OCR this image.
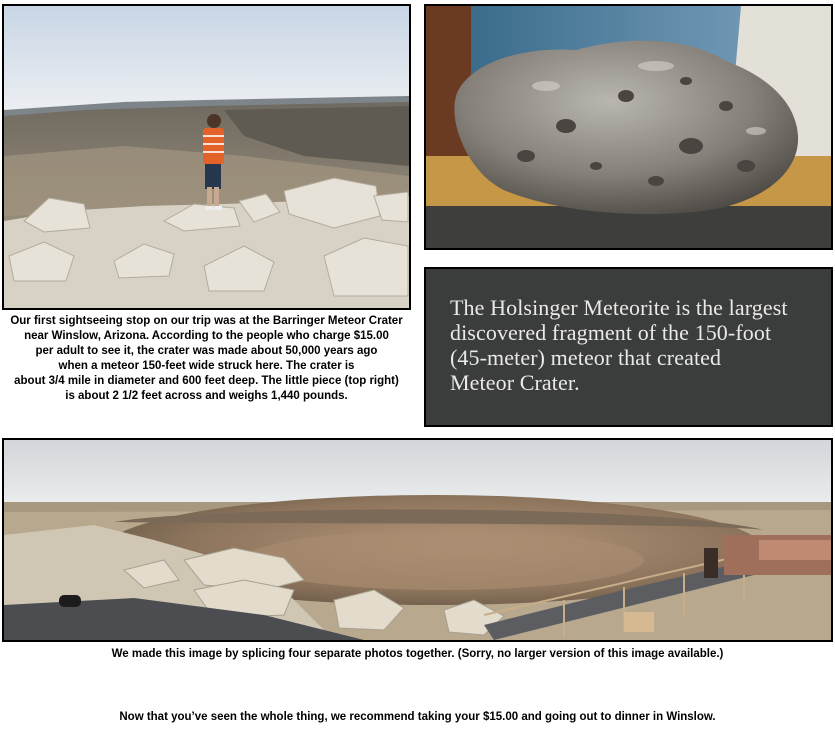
The Holsinger Meteorite is the largest
discovered fragment of the 150-foot
(45-meter) meteor that created
Meteor Crater.
Our first sightseeing stop on our trip was at the Barringer Meteor Crater
near Winslow, Arizona. According to the people who charge $15.00
per adult to see it, the crater was made about 50,000 years ago
when a meteor 150-feet wide struck here. The crater is
about 3/4 mile in diameter and 600 feet deep. The little piece (top right)
is about 2 1/2 feet across and weighs 1,440 pounds.
We made this image by splicing four separate photos together. (Sorry, no larger version of this image available.)
Now that you’ve seen the whole thing, we recommend taking your $15.00 and going out to dinner in Winslow.
